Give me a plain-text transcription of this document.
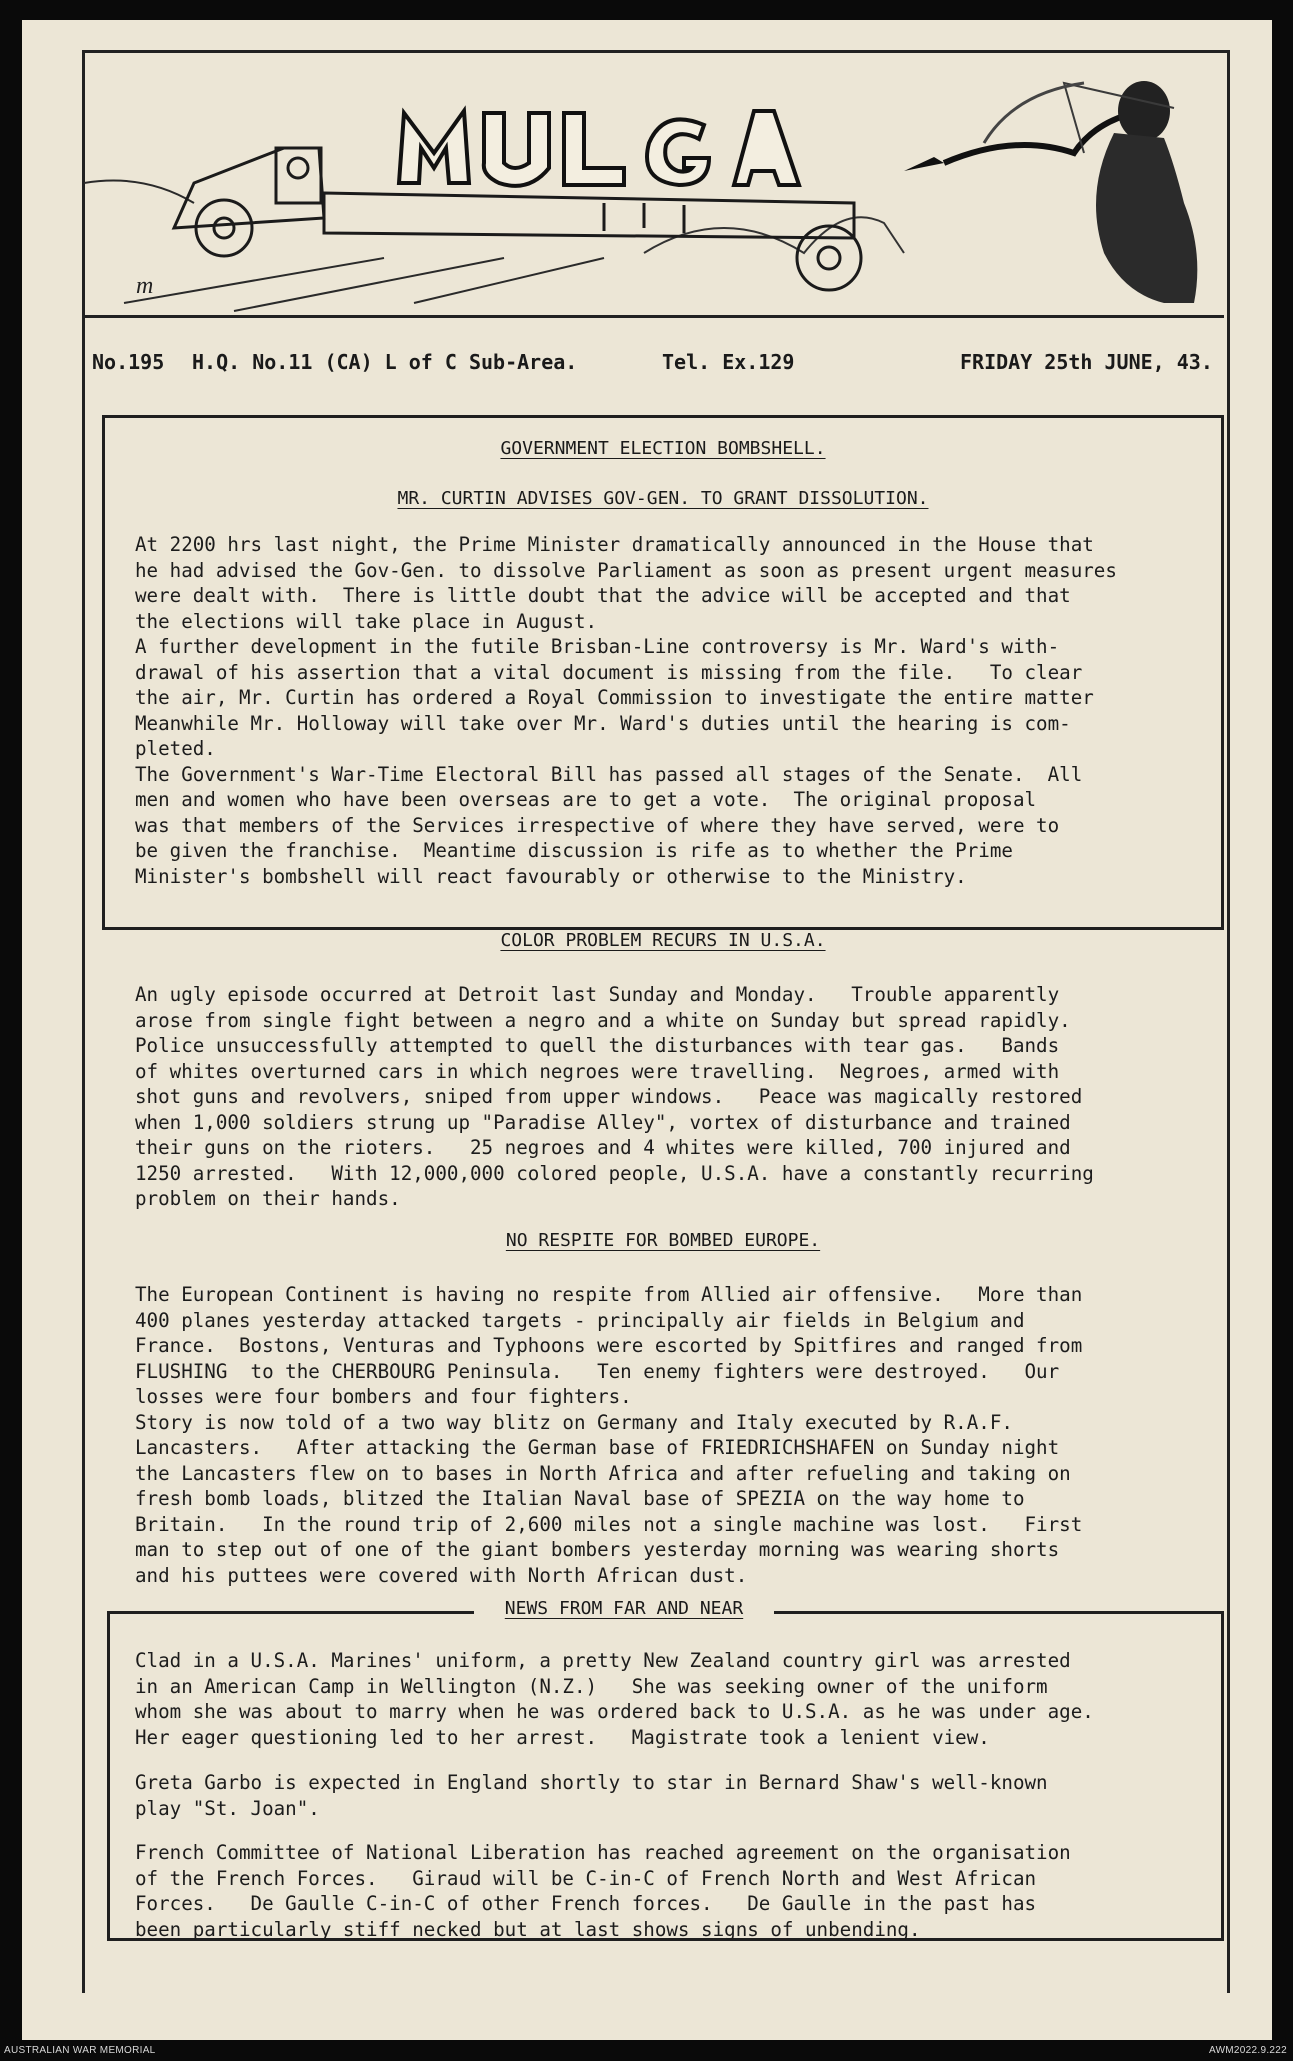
m

No.195

H.Q. No.11 (CA) L of C Sub-Area.

	Tel. Ex.129

	FRIDAY 25th JUNE, 43.

GOVERNMENT ELECTION BOMBSHELL.
MR. CURTIN ADVISES GOV-GEN. TO GRANT DISSOLUTION.
At 2200 hrs last night, the Prime Minister dramatically announced in the House that
he had advised the Gov-Gen. to dissolve Parliament as soon as present urgent measures
were dealt with.  There is little doubt that the advice will be accepted and that
the elections will take place in August.
A further development in the futile Brisban-Line controversy is Mr. Ward's with-
drawal of his assertion that a vital document is missing from the file.   To clear
the air, Mr. Curtin has ordered a Royal Commission to investigate the entire matter
Meanwhile Mr. Holloway will take over Mr. Ward's duties until the hearing is com-
pleted.
The Government's War-Time Electoral Bill has passed all stages of the Senate.  All
men and women who have been overseas are to get a vote.  The original proposal
was that members of the Services irrespective of where they have served, were to
be given the franchise.  Meantime discussion is rife as to whether the Prime
Minister's bombshell will react favourably or otherwise to the Ministry.
COLOR PROBLEM RECURS IN U.S.A.
An ugly episode occurred at Detroit last Sunday and Monday.   Trouble apparently
arose from single fight between a negro and a white on Sunday but spread rapidly.
Police unsuccessfully attempted to quell the disturbances with tear gas.   Bands
of whites overturned cars in which negroes were travelling.  Negroes, armed with
shot guns and revolvers, sniped from upper windows.   Peace was magically restored
when 1,000 soldiers strung up "Paradise Alley", vortex of disturbance and trained
their guns on the rioters.   25 negroes and 4 whites were killed, 700 injured and
1250 arrested.   With 12,000,000 colored people, U.S.A. have a constantly recurring
problem on their hands.
NO RESPITE FOR BOMBED EUROPE.
The European Continent is having no respite from Allied air offensive.   More than
400 planes yesterday attacked targets - principally air fields in Belgium and
France.  Bostons, Venturas and Typhoons were escorted by Spitfires and ranged from
FLUSHING  to the CHERBOURG Peninsula.   Ten enemy fighters were destroyed.   Our
losses were four bombers and four fighters.
Story is now told of a two way blitz on Germany and Italy executed by R.A.F.
Lancasters.   After attacking the German base of FRIEDRICHSHAFEN on Sunday night
the Lancasters flew on to bases in North Africa and after refueling and taking on
fresh bomb loads, blitzed the Italian Naval base of SPEZIA on the way home to
Britain.   In the round trip of 2,600 miles not a single machine was lost.   First
man to step out of one of the giant bombers yesterday morning was wearing shorts
and his puttees were covered with North African dust.
NEWS FROM FAR AND NEAR
Clad in a U.S.A. Marines' uniform, a pretty New Zealand country girl was arrested
in an American Camp in Wellington (N.Z.)   She was seeking owner of the uniform
whom she was about to marry when he was ordered back to U.S.A. as he was under age.
Her eager questioning led to her arrest.   Magistrate took a lenient view.
Greta Garbo is expected in England shortly to star in Bernard Shaw's well-known
play "St. Joan".
French Committee of National Liberation has reached agreement on the organisation
of the French Forces.   Giraud will be C-in-C of French North and West African
Forces.   De Gaulle C-in-C of other French forces.   De Gaulle in the past has
been particularly stiff necked but at last shows signs of unbending.
AUSTRALIAN WAR MEMORIAL	AWM2022.9.222
